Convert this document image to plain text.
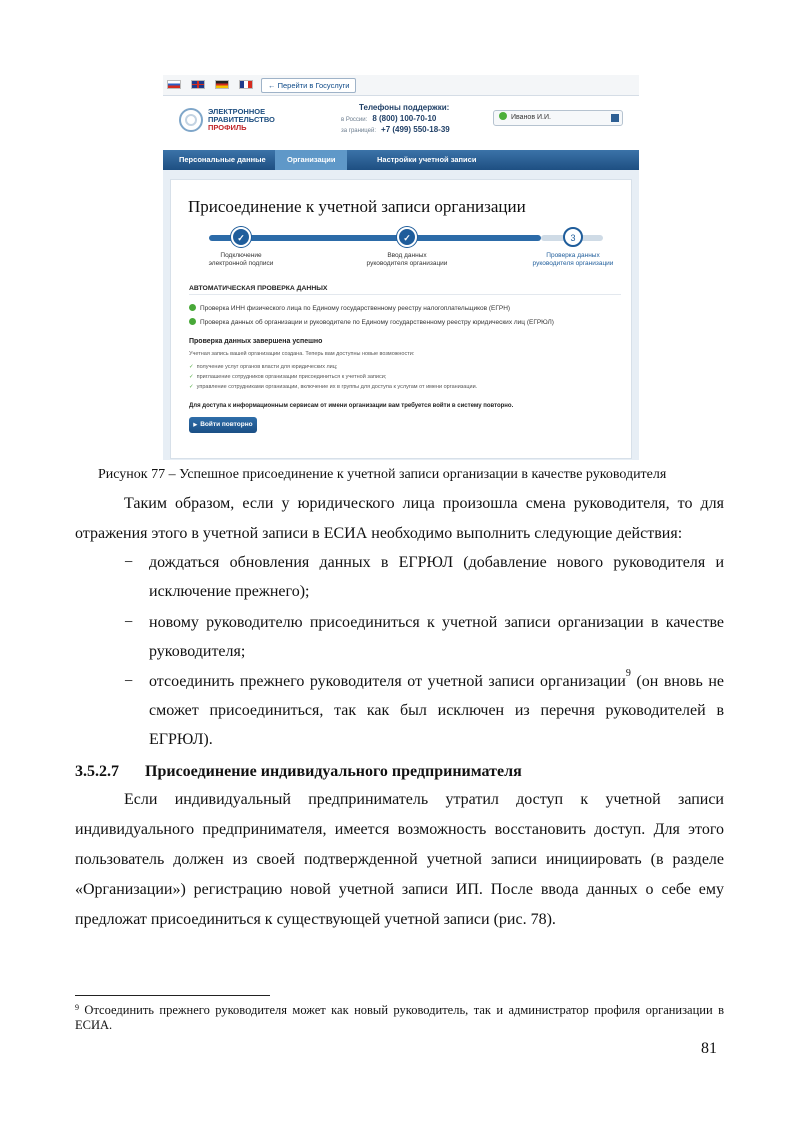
← Перейти в Госуслуги
ЭЛЕКТРОННОЕ
ПРАВИТЕЛЬСТВО
ПРОФИЛЬ
Телефоны поддержки:
в России: 8 (800) 100-70-10
за границей: +7 (499) 550-18-39
Иванов И.И.
Персональные данные	Организации	Настройки учетной записи
Присоединение к учетной записи организации
✓	✓	3
Подключение
электронной подписи
Ввод данных
руководителя организации
Проверка данных
руководителя организации
АВТОМАТИЧЕСКАЯ ПРОВЕРКА ДАННЫХ
Проверка ИНН физического лица по Единому государственному реестру налогоплательщиков (ЕГРН)
Проверка данных об организации и руководителе по Единому государственному реестру юридических лиц (ЕГРЮЛ)
Проверка данных завершена успешно
Учетная запись вашей организации создана. Теперь вам доступны новые возможности:
✓ получение услуг органов власти для юридических лиц;
✓ приглашение сотрудников организации присоединиться к учетной записи;
✓ управление сотрудниками организации, включение их в группы для доступа к услугам от имени организации.
Для доступа к информационным сервисам от имени организации вам требуется войти в систему повторно.
▶ Войти повторно
Рисунок 77 – Успешное присоединение к учетной записи организации в качестве руководителя
Таким образом, если у юридического лица произошла смена руководителя, то для отражения этого в учетной записи в ЕСИА необходимо выполнить следующие действия:
− дождаться обновления данных в ЕГРЮЛ (добавление нового руководителя и исключение прежнего);
− новому руководителю присоединиться к учетной записи организации в качестве руководителя;
− отсоединить прежнего руководителя от учетной записи организации$^9$ (он вновь не сможет присоединиться, так как был исключен из перечня руководителей в ЕГРЮЛ).
3.5.2.7 Присоединение индивидуального предпринимателя
Если индивидуальный предприниматель утратил доступ к учетной записи индивидуального предпринимателя, имеется возможность восстановить доступ. Для этого пользователь должен из своей подтвержденной учетной записи инициировать (в разделе «Организации») регистрацию новой учетной записи ИП. После ввода данных о себе ему предложат присоединиться к существующей учетной записи (рис. 78).
$^9$ Отсоединить прежнего руководителя может как новый руководитель, так и администратор профиля организации в ЕСИА.
81
